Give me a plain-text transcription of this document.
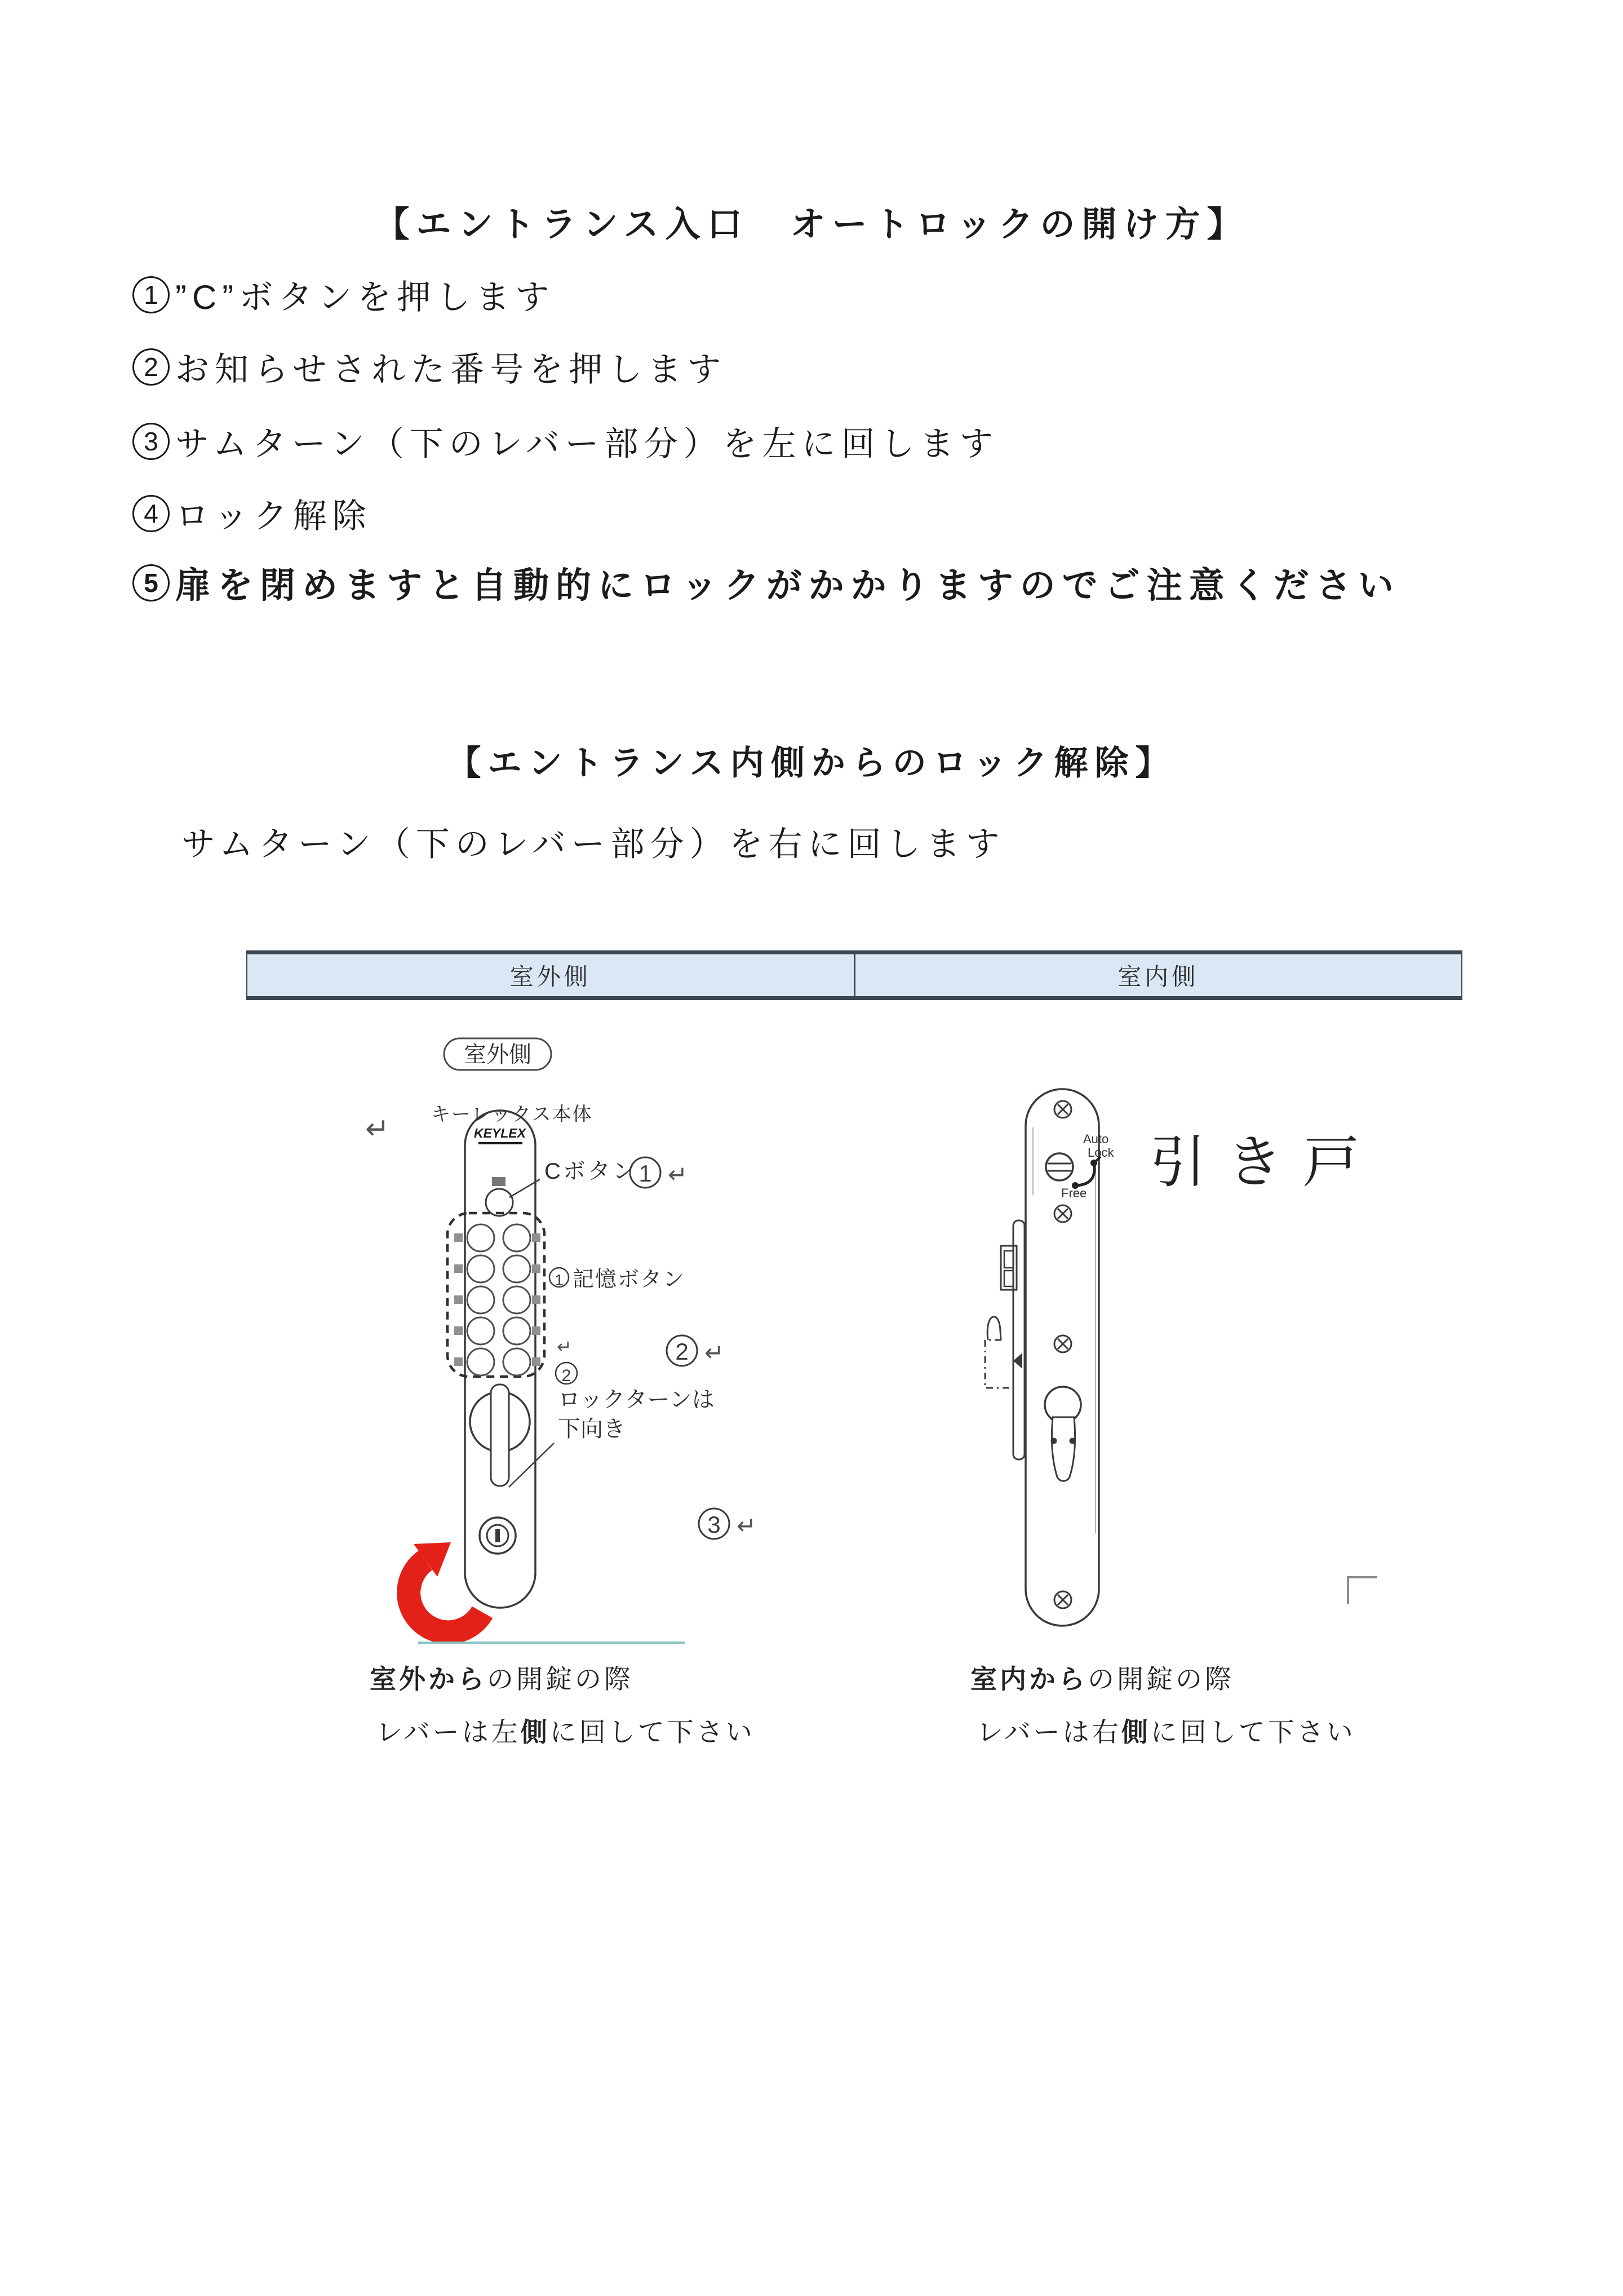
【エントランス入口　オートロックの開け方】
1 ”C”ボタンを押します
2 お知らせされた番号を押します
3 サムターン（下のレバー部分）を左に回します
4 ロック解除
5 扉を閉めますと自動的にロックがかかりますのでご注意ください
【エントランス内側からのロック解除】
サムターン（下のレバー部分）を右に回します
室外側	室内側
室外側
キーレックス本体
↵	KEYLEX
Cボタン 1 ↵
1 記憶ボタン
↵
2
ロックターンは
下向き
2 ↵
3 ↵
Auto
Lock
Free 引き戸
室外からの開錠の際
レバーは左側に回して下さい
室内からの開錠の際
レバーは右側に回して下さい
